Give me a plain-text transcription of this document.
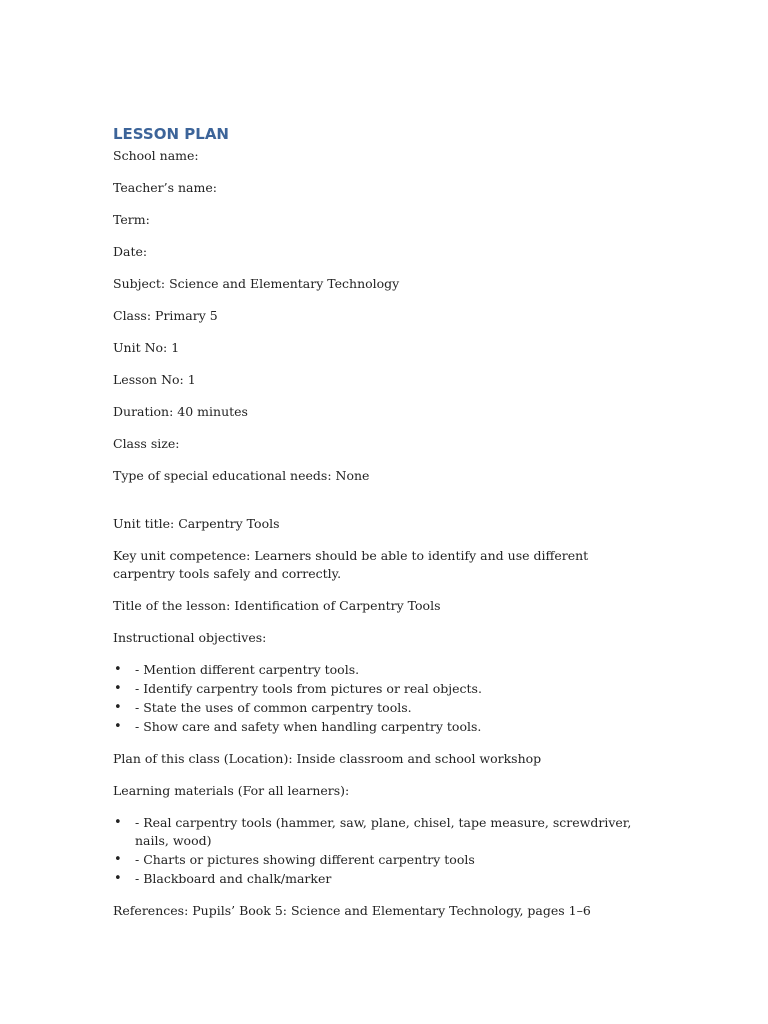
LESSON PLAN
School name:
Teacher’s name:
Term:
Date:
Subject: Science and Elementary Technology
Class: Primary 5
Unit No: 1
Lesson No: 1
Duration: 40 minutes
Class size:
Type of special educational needs: None
Unit title: Carpentry Tools
Key unit competence: Learners should be able to identify and use different carpentry tools safely and correctly.
Title of the lesson: Identification of Carpentry Tools
Instructional objectives:
• - Mention different carpentry tools.
• - Identify carpentry tools from pictures or real objects.
• - State the uses of common carpentry tools.
• - Show care and safety when handling carpentry tools.
Plan of this class (Location): Inside classroom and school workshop
Learning materials (For all learners):
• - Real carpentry tools (hammer, saw, plane, chisel, tape measure, screwdriver, nails, wood)
• - Charts or pictures showing different carpentry tools
• - Blackboard and chalk/marker
References: Pupils’ Book 5: Science and Elementary Technology, pages 1–6
